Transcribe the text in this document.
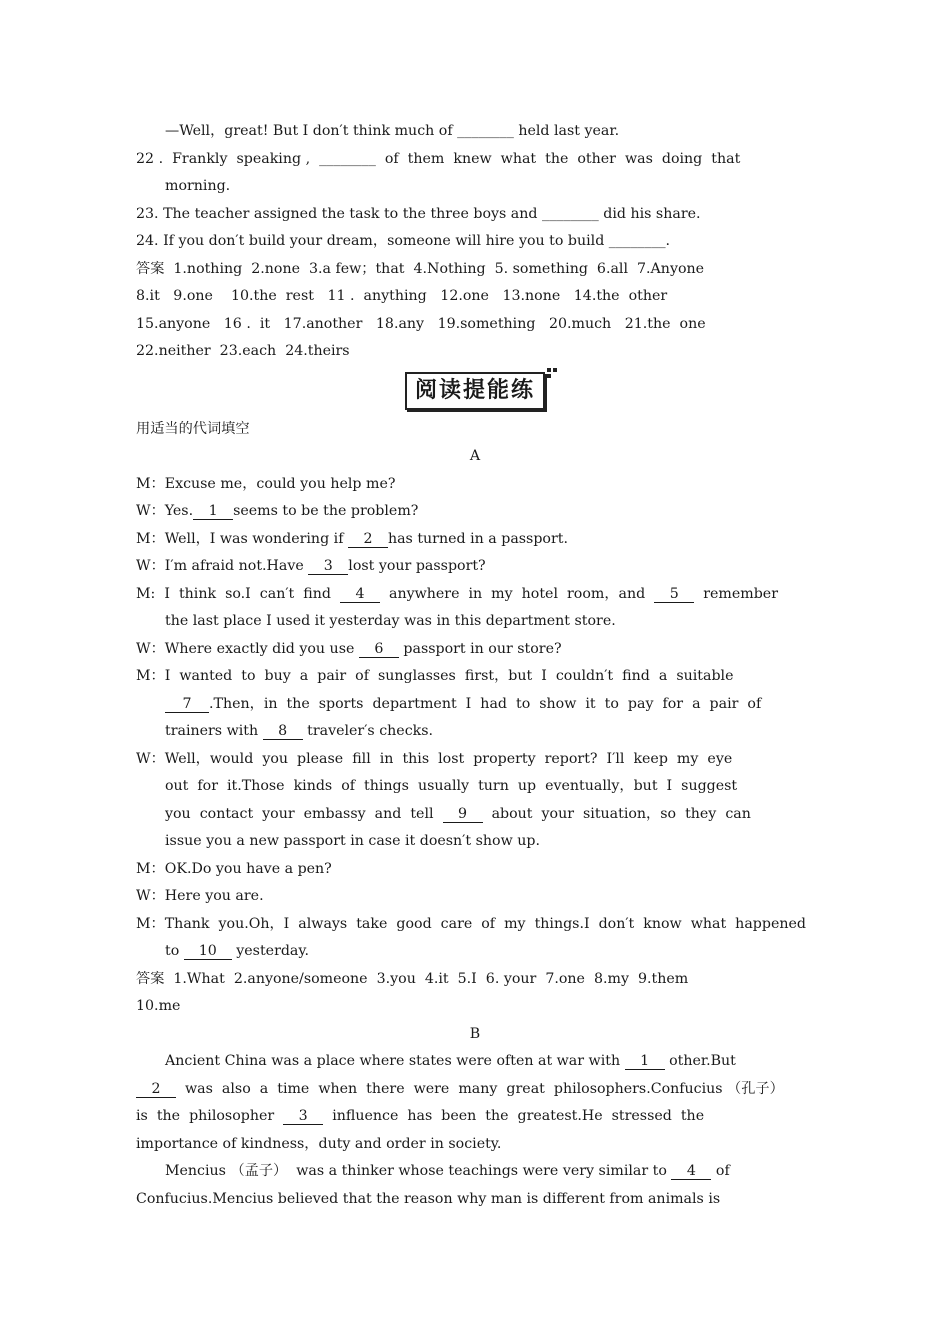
—Well，great! But I don′t think much of ________ held last year.
22 .  Frankly  speaking ,  ________  of  them  knew  what  the  other  was  doing  that
morning.
23. The teacher assigned the task to the three boys and ________ did his share.
24. If you don′t build your dream，someone will hire you to build ________.
答案  1.nothing  2.none  3.a few；that  4.Nothing  5. something  6.all  7.Anyone
8.it   9.one    10.the  rest   11 .  anything   12.one   13.none   14.the  other
15.anyone   16 .  it   17.another   18.any   19.something   20.much   21.the  one
22.neither  23.each  24.theirs
阅读提能练
用适当的代词填空
A
M：Excuse me，could you help me?
W：Yes. 1 seems to be the problem?
M：Well，I was wondering if 2 has turned in a passport.
W：I′m afraid not.Have 3 lost your passport?
M:  I  think  so.I  can′t  find  4  anywhere  in  my  hotel  room，and  5  remember
the last place I used it yesterday was in this department store.
W：Where exactly did you use 6 passport in our store?
M：I  wanted  to  buy  a  pair  of  sunglasses  first，but  I  couldn′t  find  a  suitable
7 .Then，in  the  sports  department  I  had  to  show  it  to  pay  for  a  pair  of
trainers with 8 traveler′s checks.
W：Well，would  you  please  fill  in  this  lost  property  report?  I′ll  keep  my  eye
out  for  it.Those  kinds  of  things  usually  turn  up  eventually，but  I  suggest
you  contact  your  embassy  and  tell  9  about  your  situation，so  they  can
issue you a new passport in case it doesn′t show up.
M：OK.Do you have a pen?
W：Here you are.
M：Thank  you.Oh，I  always  take  good  care  of  my  things.I  don′t  know  what  happened
to 10 yesterday.
答案  1.What  2.anyone/someone  3.you  4.it  5.I  6. your  7.one  8.my  9.them
10.me
B
Ancient China was a place where states were often at war with 1 other.But
2  was  also  a  time  when  there  were  many  great  philosophers.Confucius （孔子）
is  the  philosopher  3  influence  has  been  the  greatest.He  stressed  the
importance of kindness，duty and order in society.
Mencius （孟子）  was a thinker whose teachings were very similar to 4 of
Confucius.Mencius believed that the reason why man is different from animals is
